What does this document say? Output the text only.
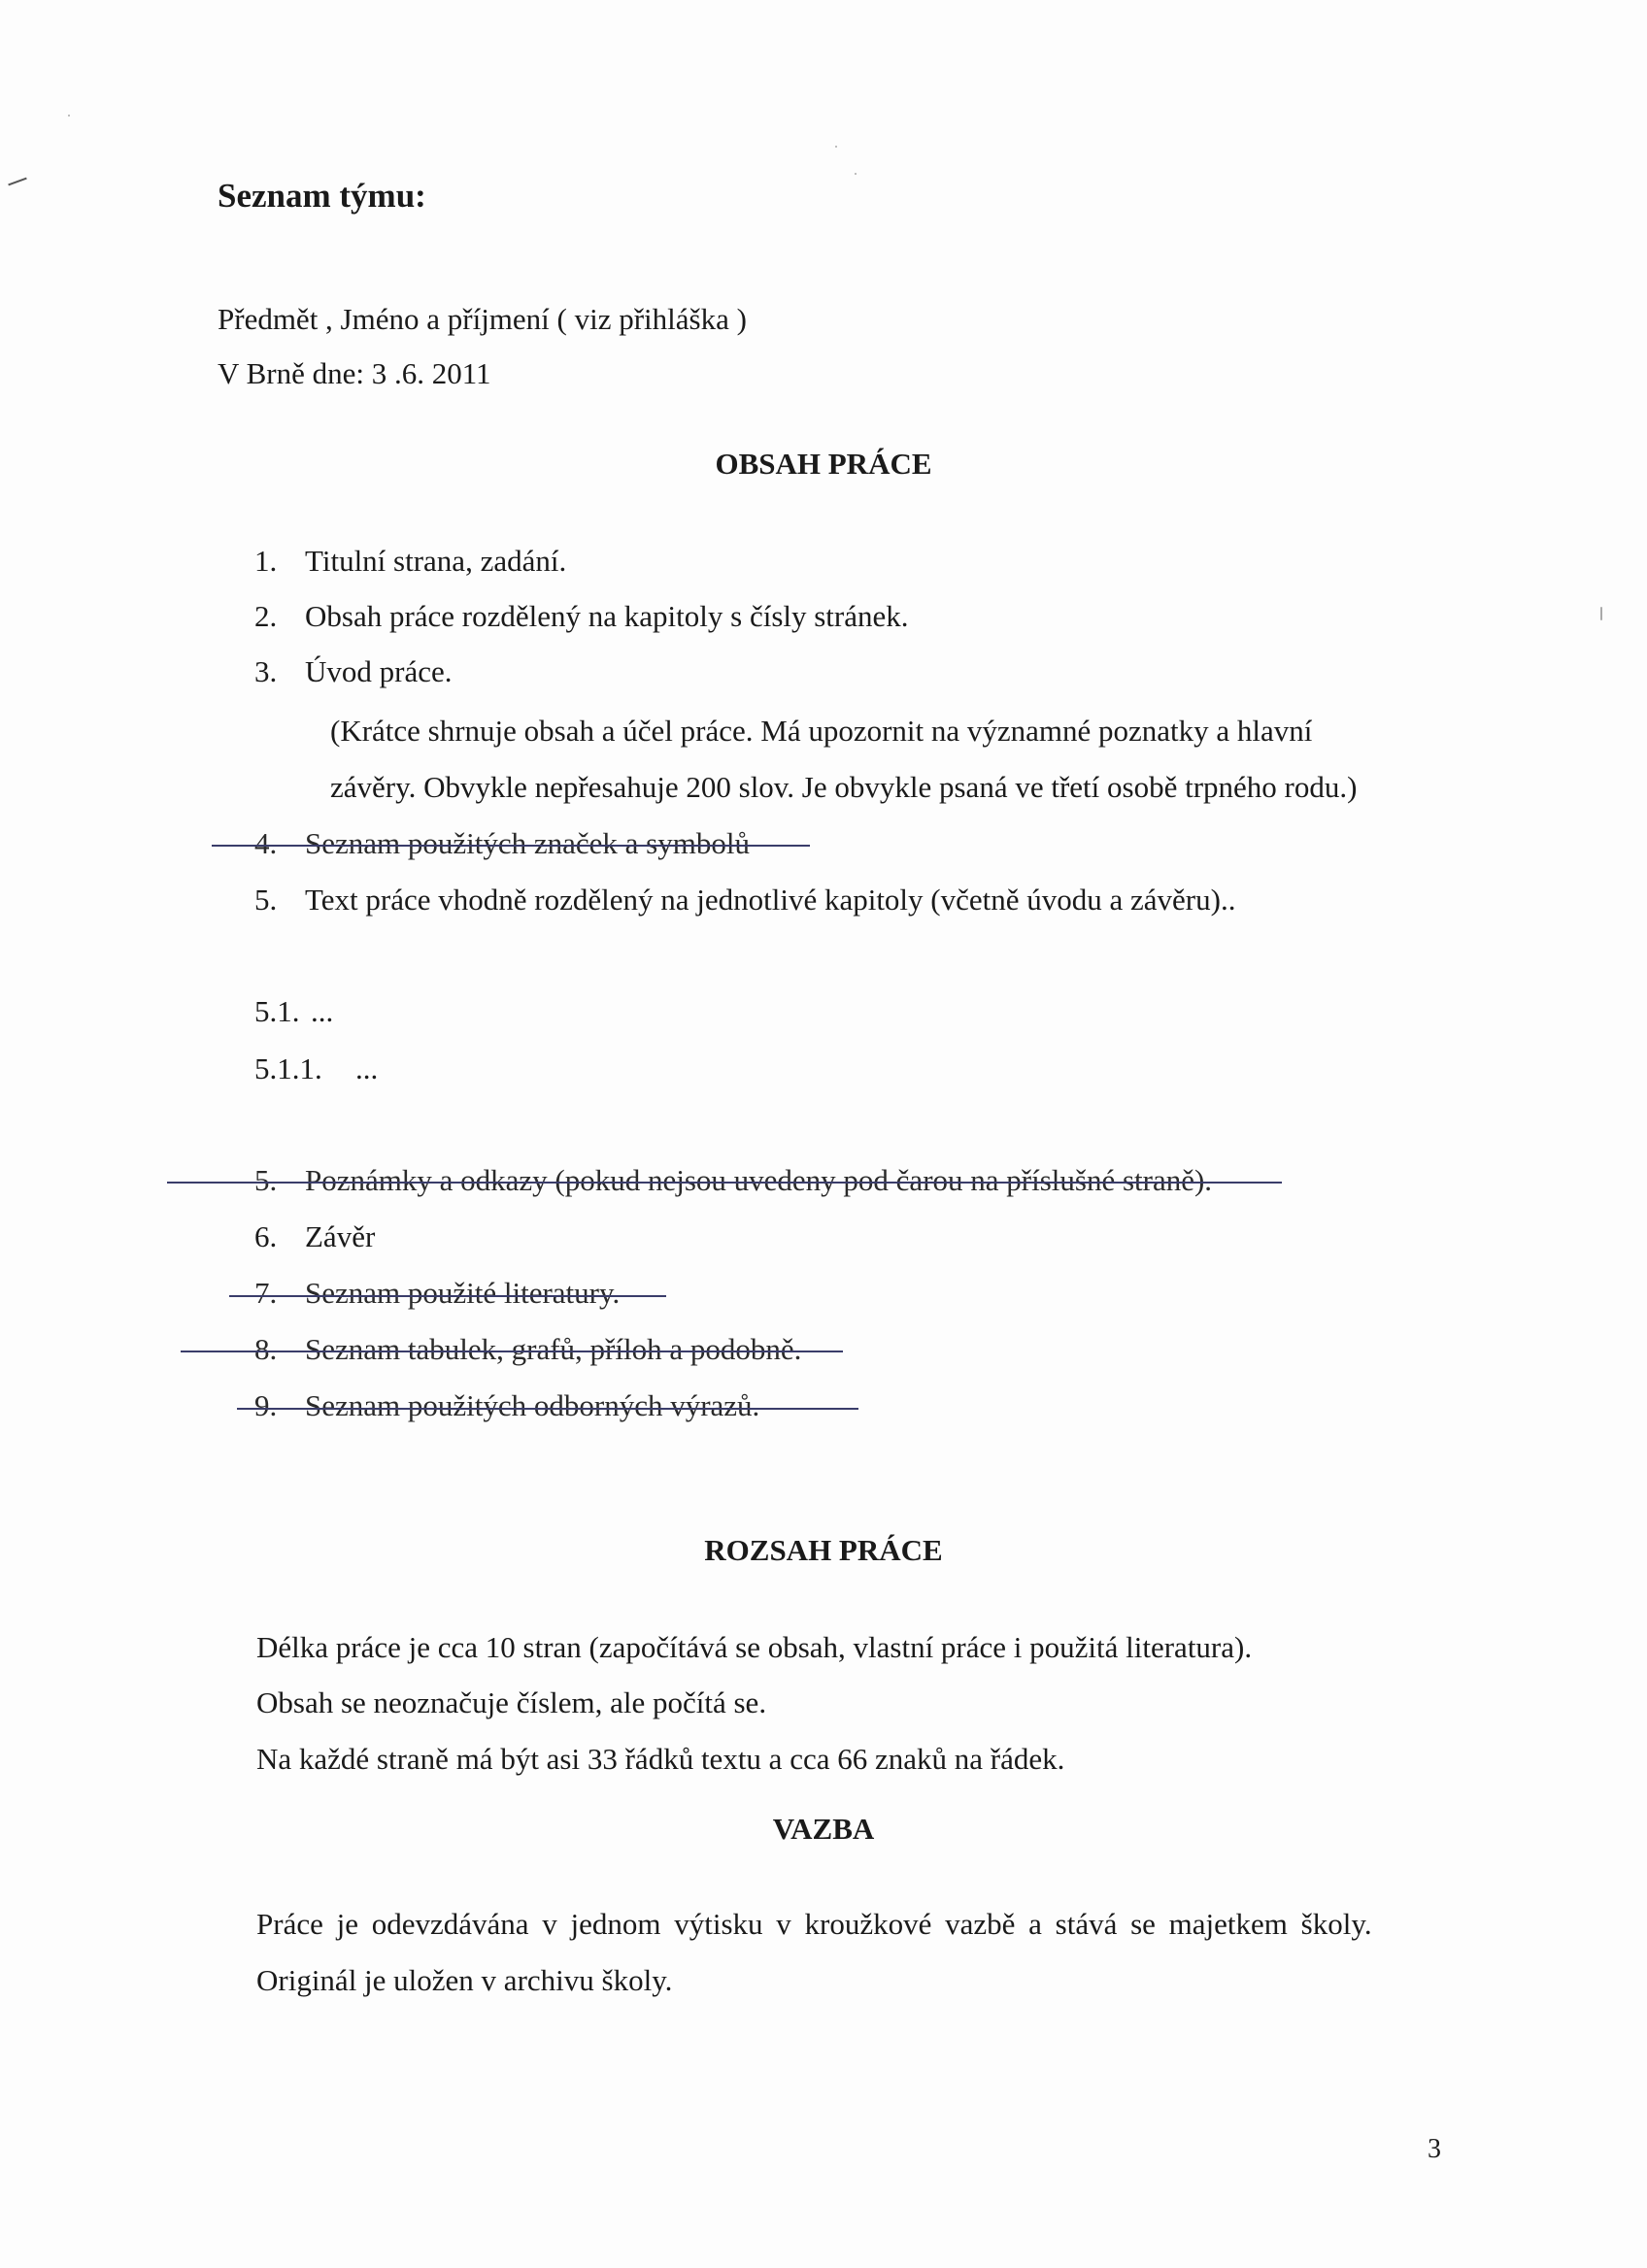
Seznam týmu:
Předmět , Jméno a příjmení ( viz přihláška )
V Brně dne: 3 .6. 2011
OBSAH PRÁCE
1. Titulní strana, zadání.
2. Obsah práce rozdělený na kapitoly s čísly stránek.
3. Úvod práce.
(Krátce shrnuje obsah a účel práce. Má upozornit na významné poznatky a hlavní
závěry. Obvykle nepřesahuje 200 slov. Je obvykle psaná ve třetí osobě trpného rodu.)
4. Seznam použitých značek a symbolů
5. Text práce vhodně rozdělený na jednotlivé kapitoly (včetně úvodu a závěru)..
5.1. ...
5.1.1. ...
5. Poznámky a odkazy (pokud nejsou uvedeny pod čarou na příslušné straně).
6. Závěr
7. Seznam použité literatury.
8. Seznam tabulek, grafů, příloh a podobně.
9. Seznam použitých odborných výrazů.
ROZSAH PRÁCE
Délka práce je cca 10 stran (započítává se obsah, vlastní práce i použitá literatura).
Obsah se neoznačuje číslem, ale počítá se.
Na každé straně má být asi 33 řádků textu a cca 66 znaků na řádek.
VAZBA
Práce je odevzdávána v jednom výtisku v kroužkové vazbě a stává se majetkem školy.
Originál je uložen v archivu školy.
3
